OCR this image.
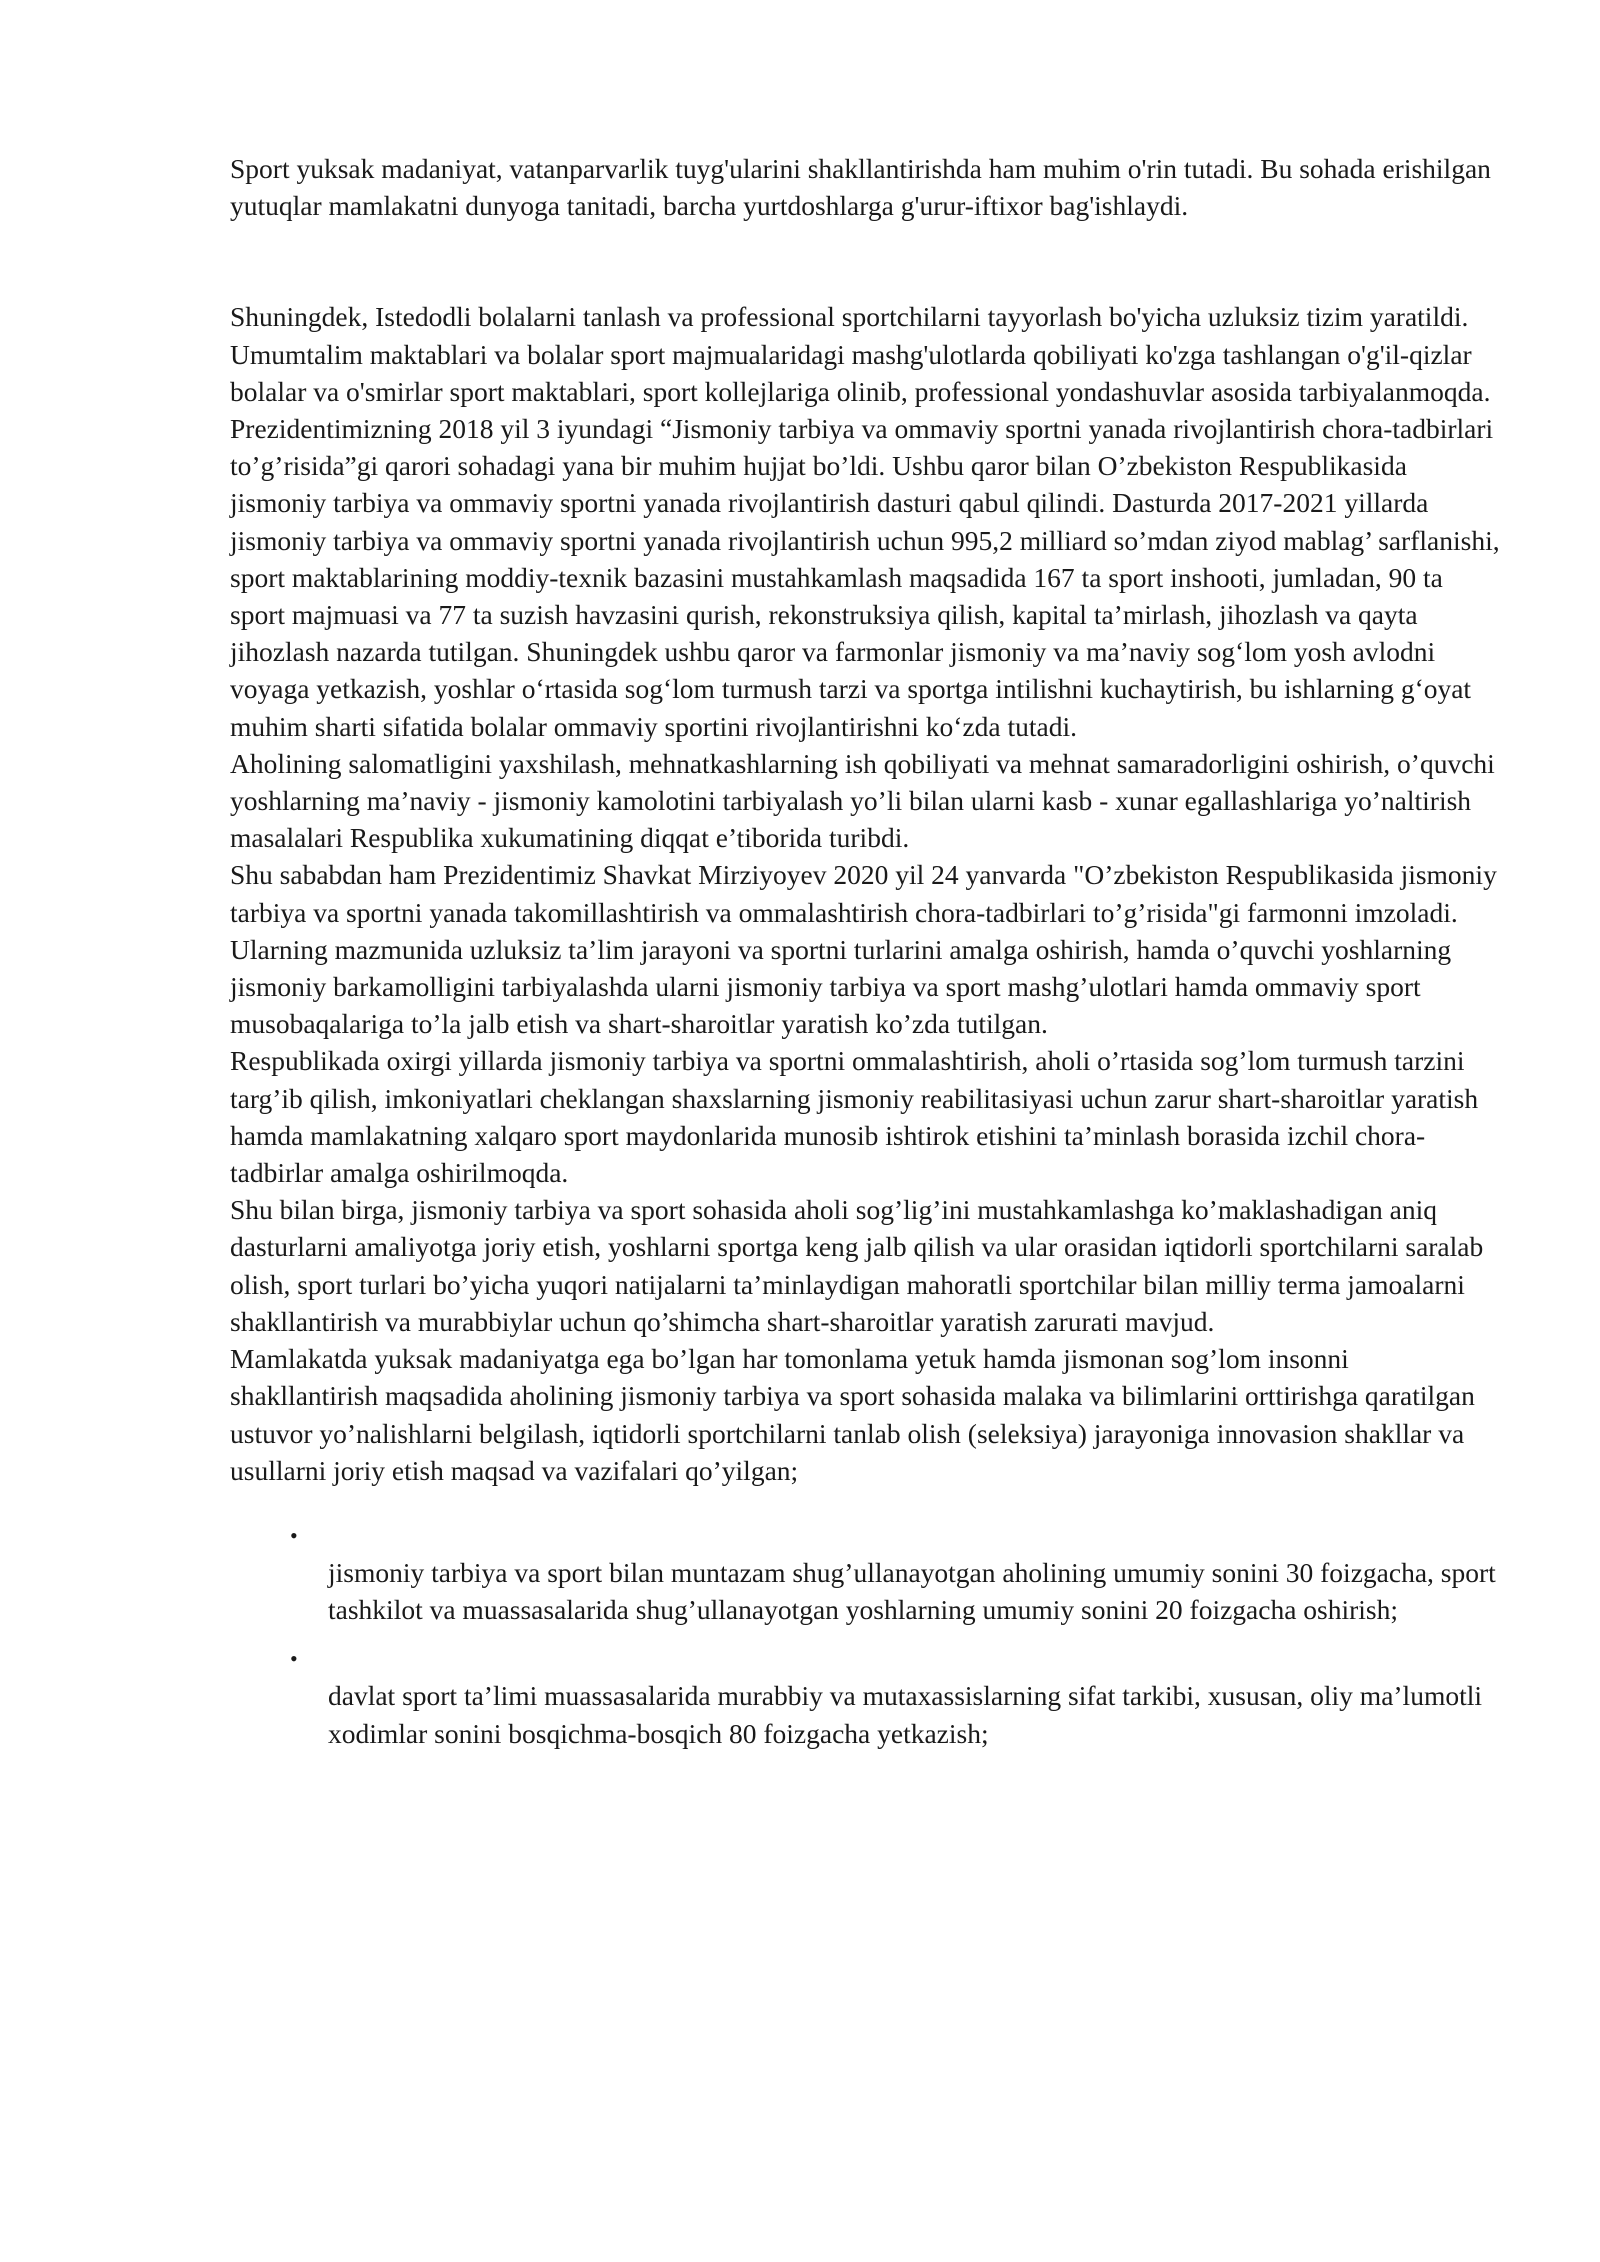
Sport yuksak madaniyat, vatanparvarlik tuyg'ularini shakllantirishda ham muhim o'rin tutadi. Bu sohada erishilgan yutuqlar mamlakatni dunyoga tanitadi, barcha yurtdoshlarga g'urur-iftixor bag'ishlaydi.

Shuningdek, Istedodli bolalarni tanlash va professional sportchilarni tayyorlash bo'yicha uzluksiz tizim yaratildi. Umumtalim maktablari va bolalar sport majmualaridagi mashg'ulotlarda qobiliyati ko'zga tashlangan o'g'il-qizlar bolalar va o'smirlar sport maktablari, sport kollejlariga olinib, professional yondashuvlar asosida tarbiyalanmoqda.

Prezidentimizning 2018 yil 3 iyundagi “Jismoniy tarbiya va ommaviy sportni yanada rivojlantirish chora-tadbirlari to’g’risida”gi qarori sohadagi yana bir muhim hujjat bo’ldi. Ushbu qaror bilan O’zbekiston Respublikasida jismoniy tarbiya va ommaviy sportni yanada rivojlantirish dasturi qabul qilindi. Dasturda 2017-2021 yillarda jismoniy tarbiya va ommaviy sportni yanada rivojlantirish uchun 995,2 milliard so’mdan ziyod mablag’ sarflanishi, sport maktablarining moddiy-texnik bazasini mustahkamlash maqsadida 167 ta sport inshooti, jumladan, 90 ta sport majmuasi va 77 ta suzish havzasini qurish, rekonstruksiya qilish, kapital ta’mirlash, jihozlash va qayta jihozlash nazarda tutilgan. Shuningdek ushbu qaror va farmonlar jismoniy va ma’naviy sog‘lom yosh avlodni voyaga yetkazish, yoshlar o‘rtasida sog‘lom turmush tarzi va sportga intilishni kuchaytirish, bu ishlarning g‘oyat muhim sharti sifatida bolalar ommaviy sportini rivojlantirishni ko‘zda tutadi.

Aholining salomatligini yaxshilash, mehnatkashlarning ish qobiliyati va mehnat samaradorligini oshirish, o’quvchi yoshlarning ma’naviy - jismoniy kamolotini tarbiyalash yo’li bilan ularni kasb - xunar egallashlariga yo’naltirish masalalari Respublika xukumatining diqqat e’tiborida turibdi.

Shu sababdan ham Prezidentimiz Shavkat Mirziyoyev 2020 yil 24 yanvarda "O’zbekiston Respublikasida jismoniy tarbiya va sportni yanada takomillashtirish va ommalashtirish chora-tadbirlari to’g’risida"gi farmonni imzoladi. Ularning mazmunida uzluksiz ta’lim jarayoni va sportni turlarini amalga oshirish, hamda o’quvchi yoshlarning jismoniy barkamolligini tarbiyalashda ularni jismoniy tarbiya va sport mashg’ulotlari hamda ommaviy sport musobaqalariga to’la jalb etish va shart-sharoitlar yaratish ko’zda tutilgan.

Respublikada oxirgi yillarda jismoniy tarbiya va sportni ommalashtirish, aholi o’rtasida sog’lom turmush tarzini targ’ib qilish, imkoniyatlari cheklangan shaxslarning jismoniy reabilitasiyasi uchun zarur shart-sharoitlar yaratish hamda mamlakatning xalqaro sport maydonlarida munosib ishtirok etishini ta’minlash borasida izchil chora-tadbirlar amalga oshirilmoqda.

Shu bilan birga, jismoniy tarbiya va sport sohasida aholi sog’lig’ini mustahkamlashga ko’maklashadigan aniq dasturlarni amaliyotga joriy etish, yoshlarni sportga keng jalb qilish va ular orasidan iqtidorli sportchilarni saralab olish, sport turlari bo’yicha yuqori natijalarni ta’minlaydigan mahoratli sportchilar bilan milliy terma jamoalarni shakllantirish va murabbiylar uchun qo’shimcha shart-sharoitlar yaratish zarurati mavjud.

Mamlakatda yuksak madaniyatga ega bo’lgan har tomonlama yetuk hamda jismonan sog’lom insonni shakllantirish maqsadida aholining jismoniy tarbiya va sport sohasida malaka va bilimlarini orttirishga qaratilgan ustuvor yo’nalishlarni belgilash, iqtidorli sportchilarni tanlab olish (seleksiya) jarayoniga innovasion shakllar va usullarni joriy etish maqsad va vazifalari qo’yilgan;

•
jismoniy tarbiya va sport bilan muntazam shug’ullanayotgan aholining umumiy sonini 30 foizgacha, sport tashkilot va muassasalarida shug’ullanayotgan yoshlarning umumiy sonini 20 foizgacha oshirish;
•
davlat sport ta’limi muassasalarida murabbiy va mutaxassislarning sifat tarkibi, xususan, oliy ma’lumotli xodimlar sonini bosqichma-bosqich 80 foizgacha yetkazish;
